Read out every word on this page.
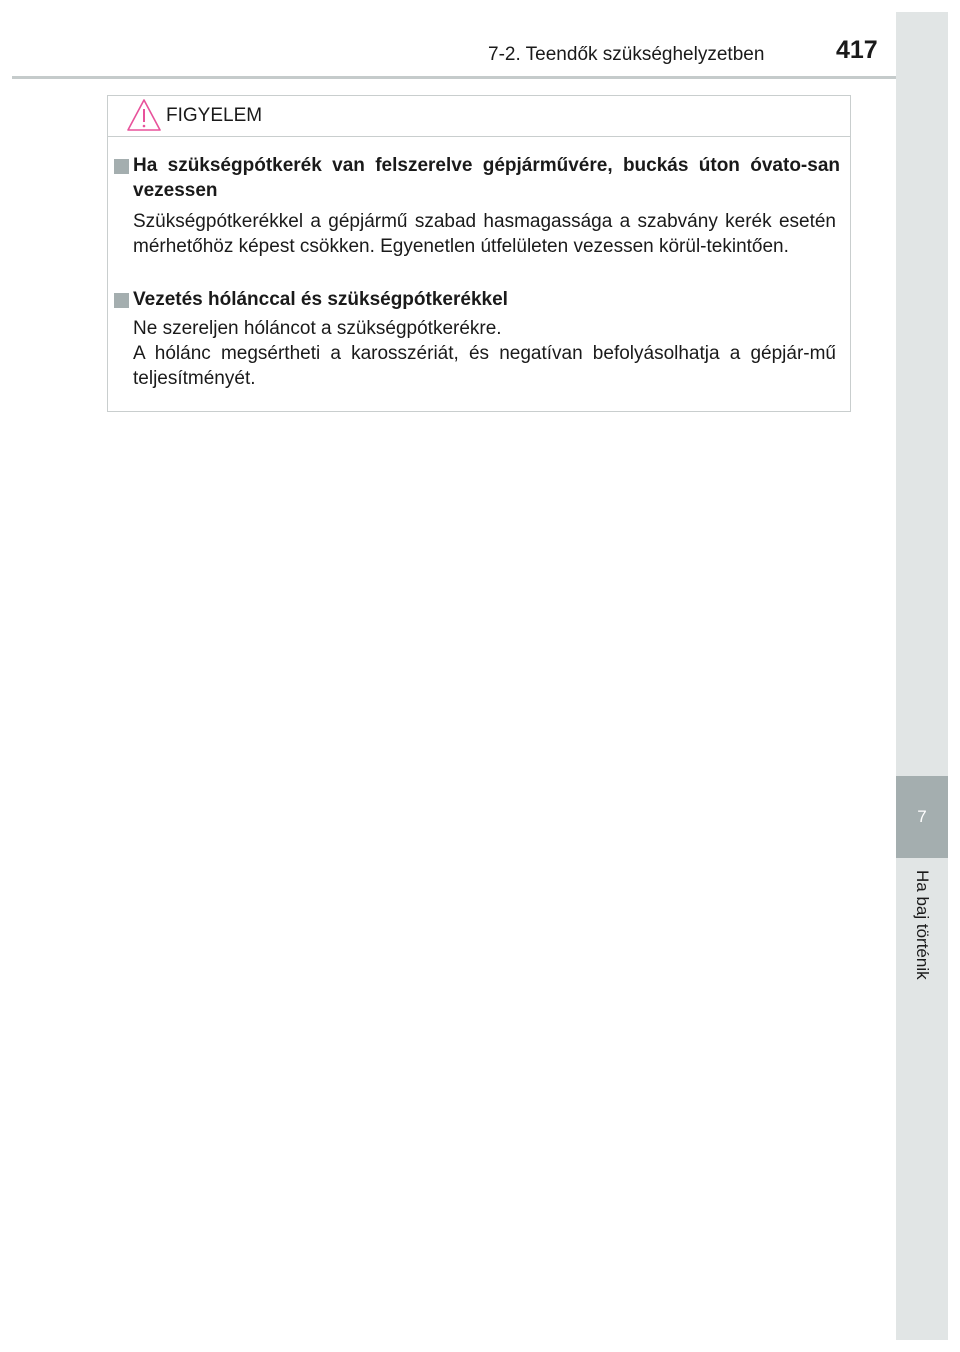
7-2. Teendők szükséghelyzetben	417
7
Ha baj történik
FIGYELEM

Ha szükségpótkerék van felszerelve gépjárművére, buckás úton óvato-san vezessen

Szükségpótkerékkel a gépjármű szabad hasmagassága a szabvány kerék esetén mérhetőhöz képest csökken. Egyenetlen útfelületen vezessen körül-tekintően.

Vezetés hólánccal és szükségpótkerékkel

Ne szereljen hóláncot a szükségpótkerékre.

A hólánc megsértheti a karosszériát, és negatívan befolyásolhatja a gépjár-mű teljesítményét.
